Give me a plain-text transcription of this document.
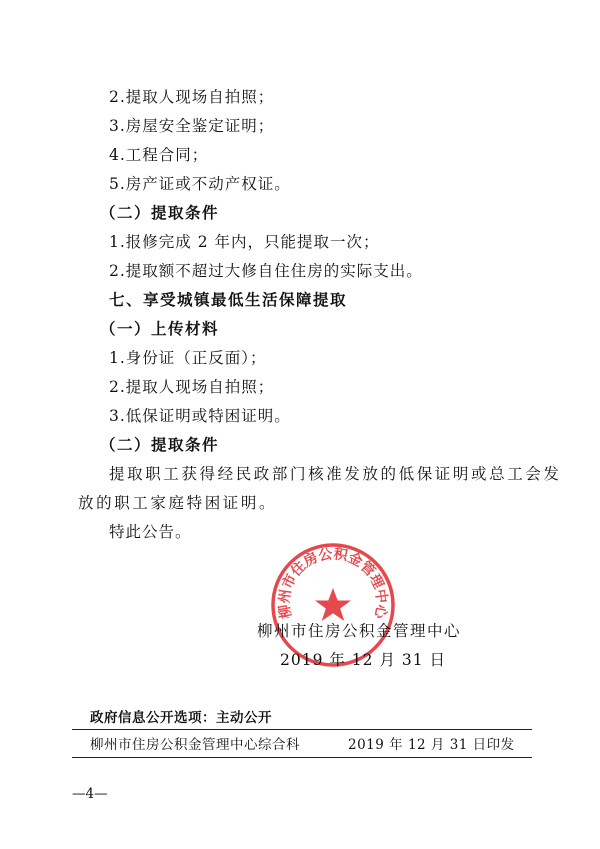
2.提取人现场自拍照；
3.房屋安全鉴定证明；
4.工程合同；
5.房产证或不动产权证。
（二）提取条件
1.报修完成 2 年内，只能提取一次；
2.提取额不超过大修自住住房的实际支出。
七、享受城镇最低生活保障提取
（一）上传材料
1.身份证（正反面）；
2.提取人现场自拍照；
3.低保证明或特困证明。
（二）提取条件
提取职工获得经民政部门核准发放的低保证明或总工会发
放的职工家庭特困证明。
特此公告。
柳州市住房公积金管理中心
柳州市住房公积金管理中心
2019 年 12 月 31 日
政府信息公开选项：主动公开
柳州市住房公积金管理中心综合科	2019 年 12 月 31 日印发
—4—
